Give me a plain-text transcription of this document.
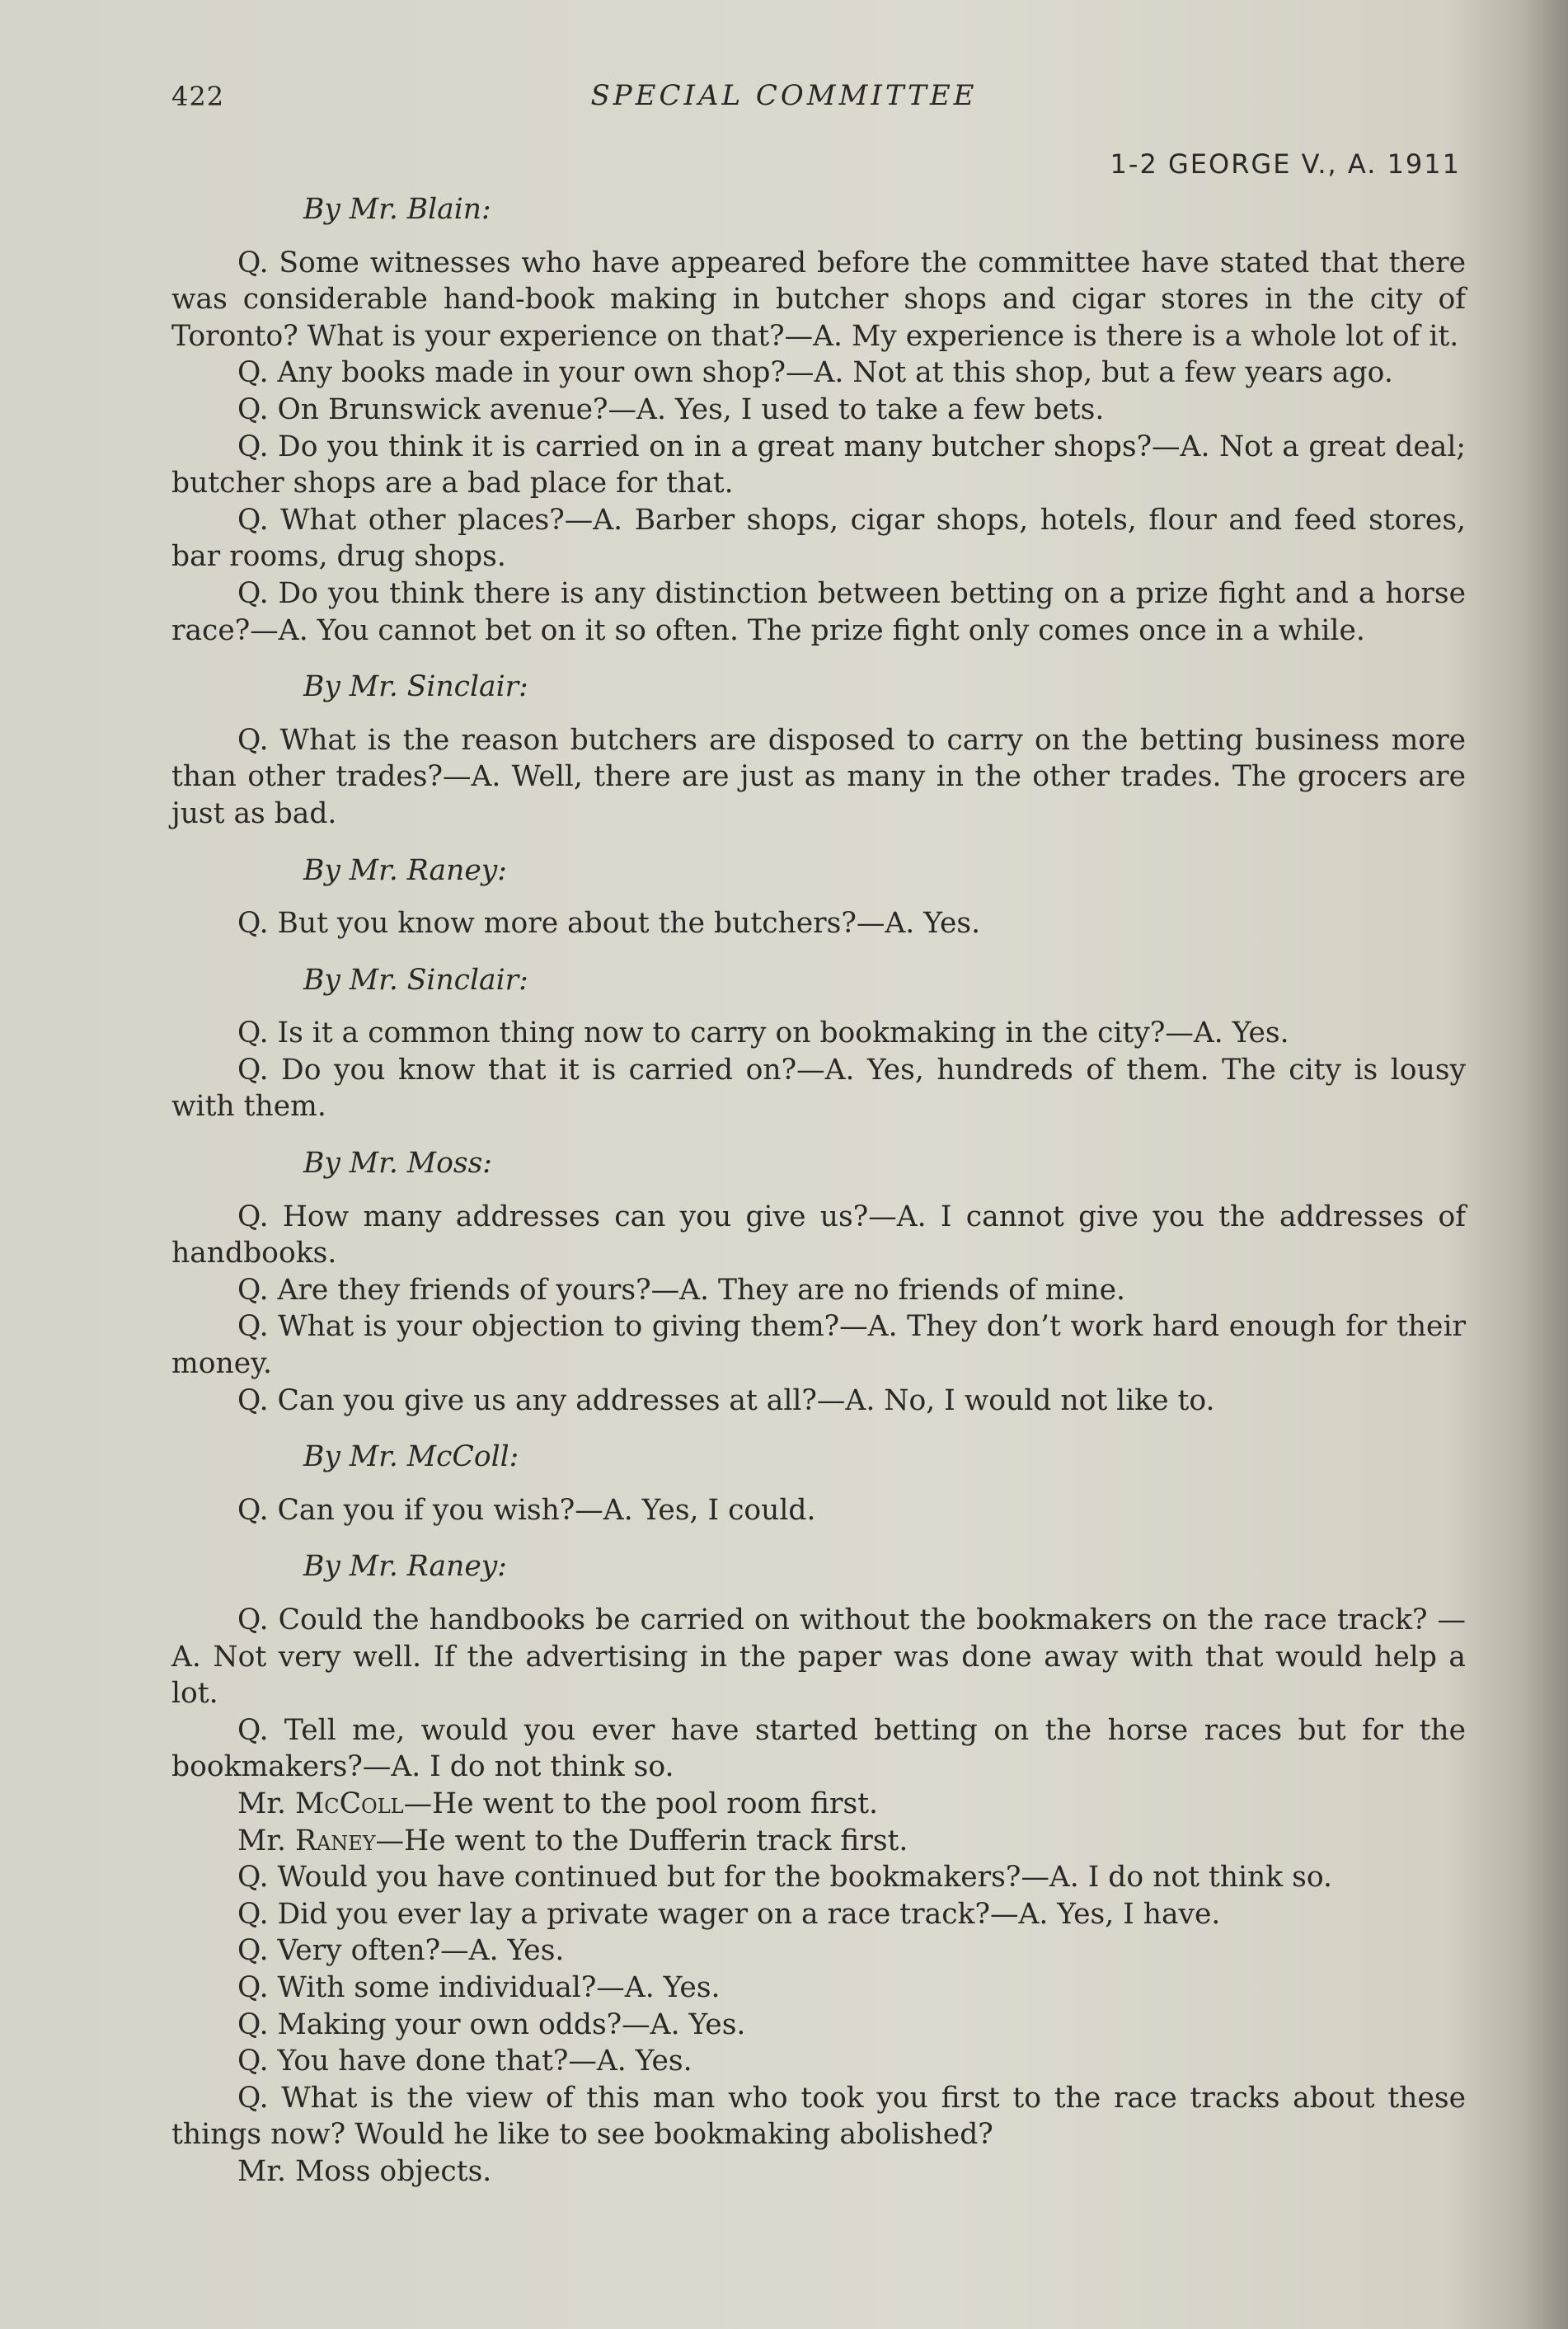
422	SPECIAL COMMITTEE
1-2 GEORGE V., A. 1911
By Mr. Blain:

Q. Some witnesses who have appeared before the committee have stated that there was considerable hand-book making in butcher shops and cigar stores in the city of Toronto? What is your experience on that?—A. My experience is there is a whole lot of it.

Q. Any books made in your own shop?—A. Not at this shop, but a few years ago.

Q. On Brunswick avenue?—A. Yes, I used to take a few bets.

Q. Do you think it is carried on in a great many butcher shops?—A. Not a great deal; butcher shops are a bad place for that.

Q. What other places?—A. Barber shops, cigar shops, hotels, flour and feed stores, bar rooms, drug shops.

Q. Do you think there is any distinction between betting on a prize fight and a horse race?—A. You cannot bet on it so often. The prize fight only comes once in a while.

By Mr. Sinclair:

Q. What is the reason butchers are disposed to carry on the betting business more than other trades?—A. Well, there are just as many in the other trades. The grocers are just as bad.

By Mr. Raney:

Q. But you know more about the butchers?—A. Yes.

By Mr. Sinclair:

Q. Is it a common thing now to carry on bookmaking in the city?—A. Yes.

Q. Do you know that it is carried on?—A. Yes, hundreds of them. The city is lousy with them.

By Mr. Moss:

Q. How many addresses can you give us?—A. I cannot give you the addresses of handbooks.

Q. Are they friends of yours?—A. They are no friends of mine.

Q. What is your objection to giving them?—A. They don’t work hard enough for their money.

Q. Can you give us any addresses at all?—A. No, I would not like to.

By Mr. McColl:

Q. Can you if you wish?—A. Yes, I could.

By Mr. Raney:

Q. Could the handbooks be carried on without the bookmakers on the race track? —A. Not very well. If the advertising in the paper was done away with that would help a lot.

Q. Tell me, would you ever have started betting on the horse races but for the bookmakers?—A. I do not think so.

Mr. McColl—He went to the pool room first.

Mr. Raney—He went to the Dufferin track first.

Q. Would you have continued but for the bookmakers?—A. I do not think so.

Q. Did you ever lay a private wager on a race track?—A. Yes, I have.

Q. Very often?—A. Yes.

Q. With some individual?—A. Yes.

Q. Making your own odds?—A. Yes.

Q. You have done that?—A. Yes.

Q. What is the view of this man who took you first to the race tracks about these things now? Would he like to see bookmaking abolished?

Mr. Moss objects.
